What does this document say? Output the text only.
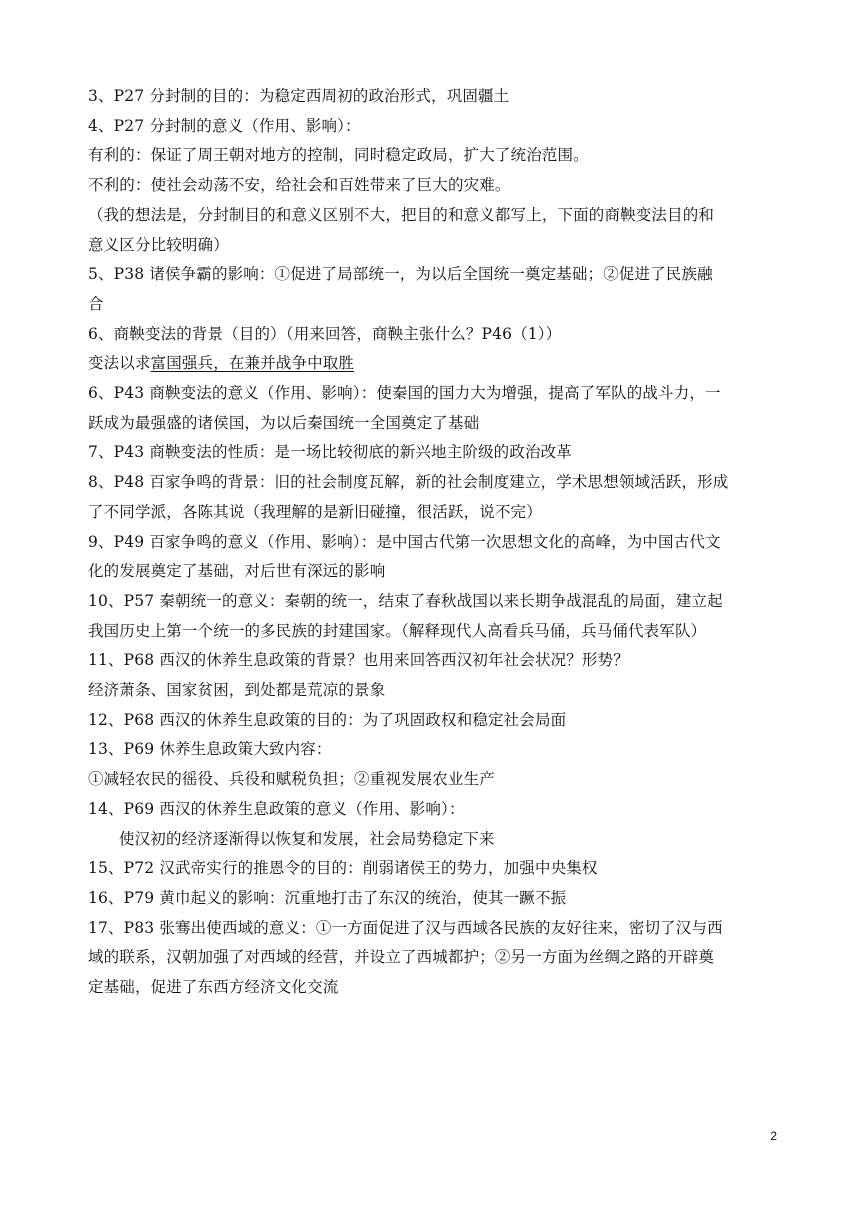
3、P27 分封制的目的：为稳定西周初的政治形式，巩固疆土
4、P27 分封制的意义（作用、影响）：
有利的：保证了周王朝对地方的控制，同时稳定政局，扩大了统治范围。
不利的：使社会动荡不安，给社会和百姓带来了巨大的灾难。
（我的想法是，分封制目的和意义区别不大，把目的和意义都写上，下面的商鞅变法目的和
意义区分比较明确）
5、P38 诸侯争霸的影响：①促进了局部统一，为以后全国统一奠定基础；②促进了民族融
合
6、商鞅变法的背景（目的）（用来回答，商鞅主张什么？P46（1））
变法以求富国强兵，在兼并战争中取胜
6、P43 商鞅变法的意义（作用、影响）：使秦国的国力大为增强，提高了军队的战斗力，一
跃成为最强盛的诸侯国，为以后秦国统一全国奠定了基础
7、P43 商鞅变法的性质：是一场比较彻底的新兴地主阶级的政治改革
8、P48 百家争鸣的背景：旧的社会制度瓦解，新的社会制度建立，学术思想领域活跃，形成
了不同学派，各陈其说（我理解的是新旧碰撞，很活跃，说不完）
9、P49 百家争鸣的意义（作用、影响）：是中国古代第一次思想文化的高峰，为中国古代文
化的发展奠定了基础，对后世有深远的影响
10、P57 秦朝统一的意义：秦朝的统一，结束了春秋战国以来长期争战混乱的局面，建立起
我国历史上第一个统一的多民族的封建国家。（解释现代人高看兵马俑，兵马俑代表军队）
11、P68 西汉的休养生息政策的背景？也用来回答西汉初年社会状况？形势？
经济萧条、国家贫困，到处都是荒凉的景象
12、P68 西汉的休养生息政策的目的：为了巩固政权和稳定社会局面
13、P69 休养生息政策大致内容：
①减轻农民的徭役、兵役和赋税负担；②重视发展农业生产
14、P69 西汉的休养生息政策的意义（作用、影响）：
使汉初的经济逐渐得以恢复和发展，社会局势稳定下来
15、P72 汉武帝实行的推恩令的目的：削弱诸侯王的势力，加强中央集权
16、P79 黄巾起义的影响：沉重地打击了东汉的统治，使其一蹶不振
17、P83 张骞出使西域的意义：①一方面促进了汉与西域各民族的友好往来，密切了汉与西
域的联系，汉朝加强了对西域的经营，并设立了西城都护；②另一方面为丝绸之路的开辟奠
定基础，促进了东西方经济文化交流
2
